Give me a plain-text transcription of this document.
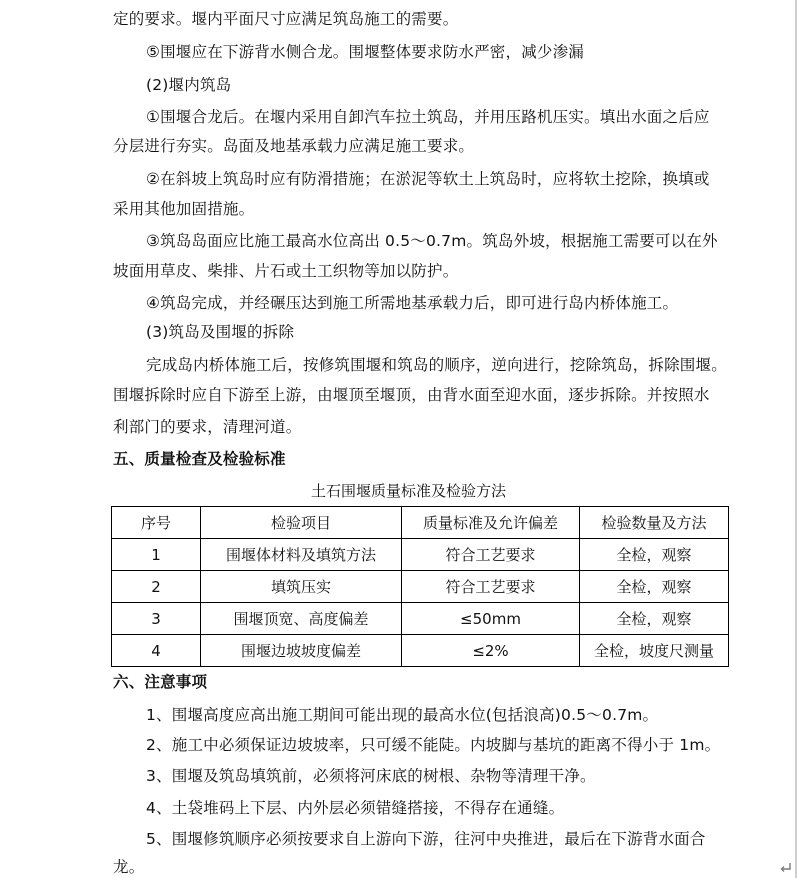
定的要求。堰内平面尺寸应满足筑岛施工的需要。
⑤围堰应在下游背水侧合龙。围堰整体要求防水严密，减少渗漏
(2)堰内筑岛
①围堰合龙后。在堰内采用自卸汽车拉土筑岛，并用压路机压实。填出水面之后应
分层进行夯实。岛面及地基承载力应满足施工要求。
②在斜坡上筑岛时应有防滑措施；在淤泥等软土上筑岛时，应将软土挖除，换填或
采用其他加固措施。
③筑岛岛面应比施工最高水位高出 0.5～0.7m。筑岛外坡，根据施工需要可以在外
坡面用草皮、柴排、片石或土工织物等加以防护。
④筑岛完成，并经碾压达到施工所需地基承载力后，即可进行岛内桥体施工。
(3)筑岛及围堰的拆除
完成岛内桥体施工后，按修筑围堰和筑岛的顺序，逆向进行，挖除筑岛，拆除围堰。
围堰拆除时应自下游至上游，由堰顶至堰顶，由背水面至迎水面，逐步拆除。并按照水
利部门的要求，清理河道。
五、质量检查及检验标准
土石围堰质量标准及检验方法
序号	检验项目	质量标准及允许偏差	检验数量及方法
1	围堰体材料及填筑方法	符合工艺要求	全检，观察
2	填筑压实	符合工艺要求	全检，观察
3	围堰顶宽、高度偏差	≤50mm	全检，观察
4	围堰边坡坡度偏差	≤2%	全检，坡度尺测量
六、注意事项
1、围堰高度应高出施工期间可能出现的最高水位(包括浪高)0.5～0.7m。
2、施工中必须保证边坡坡率，只可缓不能陡。内坡脚与基坑的距离不得小于 1m。
3、围堰及筑岛填筑前，必须将河床底的树根、杂物等清理干净。
4、土袋堆码上下层、内外层必须错缝搭接，不得存在通缝。
5、围堰修筑顺序必须按要求自上游向下游，往河中央推进，最后在下游背水面合
龙。
